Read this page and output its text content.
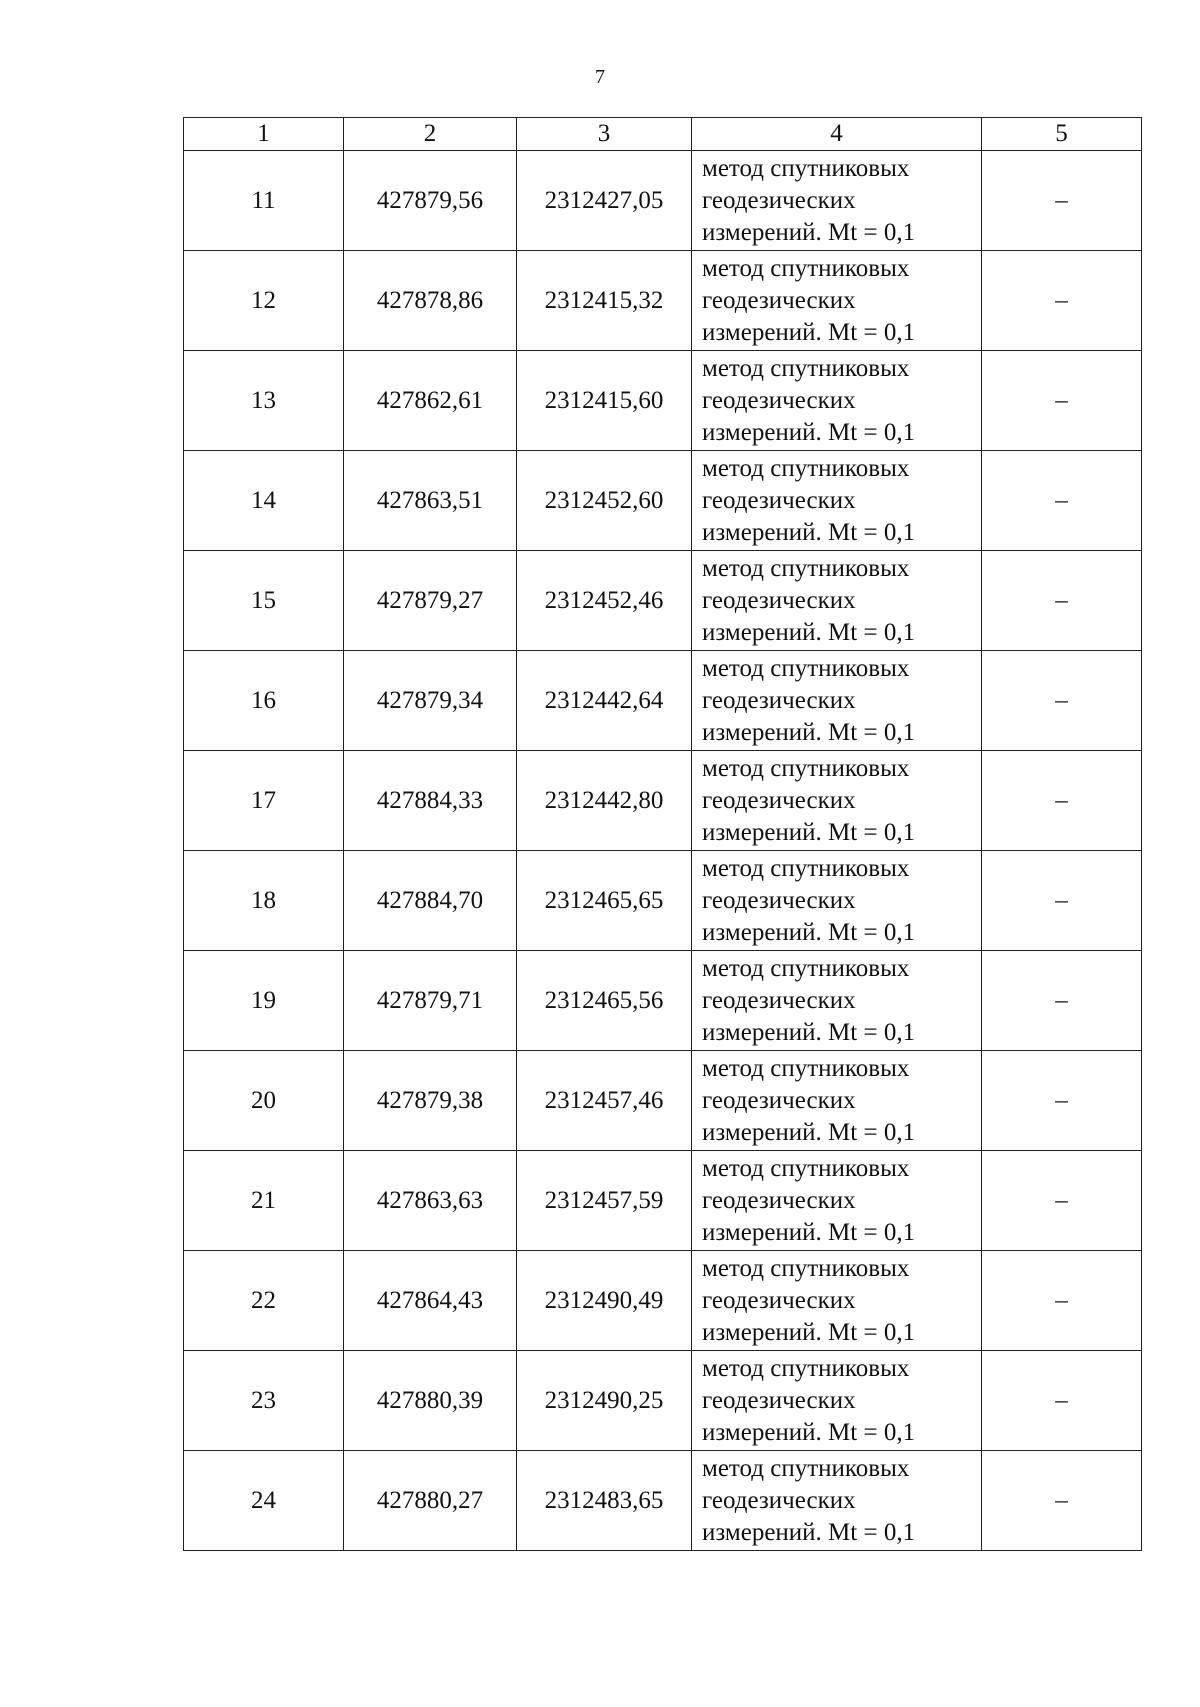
7
1	2	3	4	5
11	427879,56	2312427,05	метод спутниковых
геодезических
измерений. Mt = 0,1	–
12	427878,86	2312415,32	метод спутниковых
геодезических
измерений. Mt = 0,1	–
13	427862,61	2312415,60	метод спутниковых
геодезических
измерений. Mt = 0,1	–
14	427863,51	2312452,60	метод спутниковых
геодезических
измерений. Mt = 0,1	–
15	427879,27	2312452,46	метод спутниковых
геодезических
измерений. Mt = 0,1	–
16	427879,34	2312442,64	метод спутниковых
геодезических
измерений. Mt = 0,1	–
17	427884,33	2312442,80	метод спутниковых
геодезических
измерений. Mt = 0,1	–
18	427884,70	2312465,65	метод спутниковых
геодезических
измерений. Mt = 0,1	–
19	427879,71	2312465,56	метод спутниковых
геодезических
измерений. Mt = 0,1	–
20	427879,38	2312457,46	метод спутниковых
геодезических
измерений. Mt = 0,1	–
21	427863,63	2312457,59	метод спутниковых
геодезических
измерений. Mt = 0,1	–
22	427864,43	2312490,49	метод спутниковых
геодезических
измерений. Mt = 0,1	–
23	427880,39	2312490,25	метод спутниковых
геодезических
измерений. Mt = 0,1	–
24	427880,27	2312483,65	метод спутниковых
геодезических
измерений. Mt = 0,1	–
